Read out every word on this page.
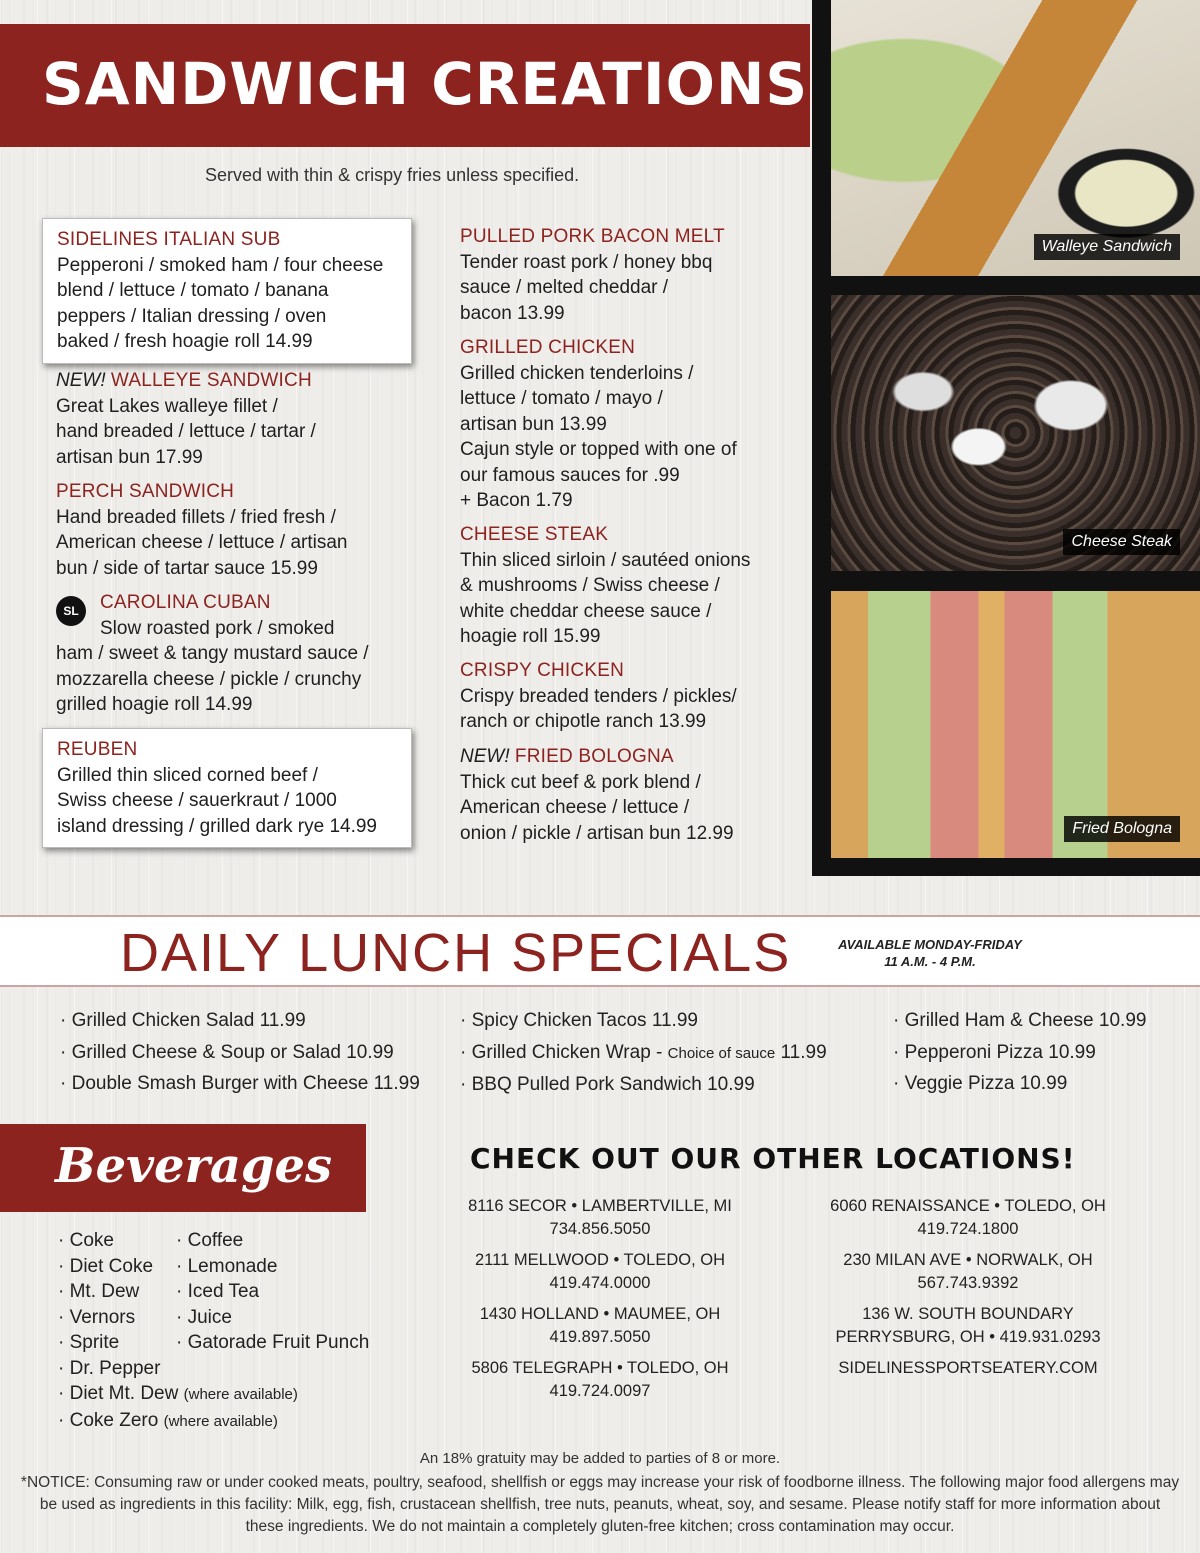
SANDWICH CREATIONS
Served with thin & crispy fries unless specified.
SIDELINES ITALIAN SUB
Pepperoni / smoked ham / four cheese
blend / lettuce / tomato / banana
peppers / Italian dressing / oven
baked / fresh hoagie roll 14.99
NEW! WALLEYE SANDWICH
Great Lakes walleye fillet /
hand breaded / lettuce / tartar /
artisan bun 17.99
PERCH SANDWICH
Hand breaded fillets / fried fresh /
American cheese / lettuce / artisan
bun / side of tartar sauce 15.99
SL	CAROLINA CUBAN
Slow roasted pork / smoked
ham / sweet & tangy mustard sauce /
mozzarella cheese / pickle / crunchy
grilled hoagie roll 14.99
REUBEN
Grilled thin sliced corned beef /
Swiss cheese / sauerkraut / 1000
island dressing / grilled dark rye 14.99
PULLED PORK BACON MELT
Tender roast pork / honey bbq
sauce / melted cheddar /
bacon 13.99
GRILLED CHICKEN
Grilled chicken tenderloins /
lettuce / tomato / mayo /
artisan bun 13.99
Cajun style or topped with one of
our famous sauces for .99
+ Bacon 1.79
CHEESE STEAK
Thin sliced sirloin / sautéed onions
& mushrooms / Swiss cheese /
white cheddar cheese sauce /
hoagie roll 15.99
CRISPY CHICKEN
Crispy breaded tenders / pickles/
ranch or chipotle ranch 13.99
NEW! FRIED BOLOGNA
Thick cut beef & pork blend /
American cheese / lettuce /
onion / pickle / artisan bun 12.99
Walleye Sandwich
Cheese Steak
Fried Bologna
DAILY LUNCH SPECIALS	AVAILABLE MONDAY-FRIDAY
11 A.M. - 4 P.M.
· Grilled Chicken Salad 11.99
· Grilled Cheese & Soup or Salad 10.99
· Double Smash Burger with Cheese 11.99
· Spicy Chicken Tacos 11.99
· Grilled Chicken Wrap - Choice of sauce 11.99
· BBQ Pulled Pork Sandwich 10.99
· Grilled Ham & Cheese 10.99
· Pepperoni Pizza 10.99
· Veggie Pizza 10.99
Beverages
· Coke
· Diet Coke
· Mt. Dew
· Vernors
· Sprite
· Dr. Pepper
· Diet Mt. Dew (where available)
· Coke Zero (where available)
· Coffee
· Lemonade
· Iced Tea
· Juice
· Gatorade Fruit Punch
CHECK OUT OUR OTHER LOCATIONS!
8116 SECOR • LAMBERTVILLE, MI
734.856.5050
2111 MELLWOOD • TOLEDO, OH
419.474.0000
1430 HOLLAND • MAUMEE, OH
419.897.5050
5806 TELEGRAPH • TOLEDO, OH
419.724.0097
6060 RENAISSANCE • TOLEDO, OH
419.724.1800
230 MILAN AVE • NORWALK, OH
567.743.9392
136 W. SOUTH BOUNDARY
PERRYSBURG, OH • 419.931.0293
SIDELINESSPORTSEATERY.COM
An 18% gratuity may be added to parties of 8 or more.
*NOTICE: Consuming raw or under cooked meats, poultry, seafood, shellfish or eggs may increase your risk of foodborne illness. The following major food allergens may be used as ingredients in this facility: Milk, egg, fish, crustacean shellfish, tree nuts, peanuts, wheat, soy, and sesame. Please notify staff for more information about these ingredients. We do not maintain a completely gluten-free kitchen; cross contamination may occur.
